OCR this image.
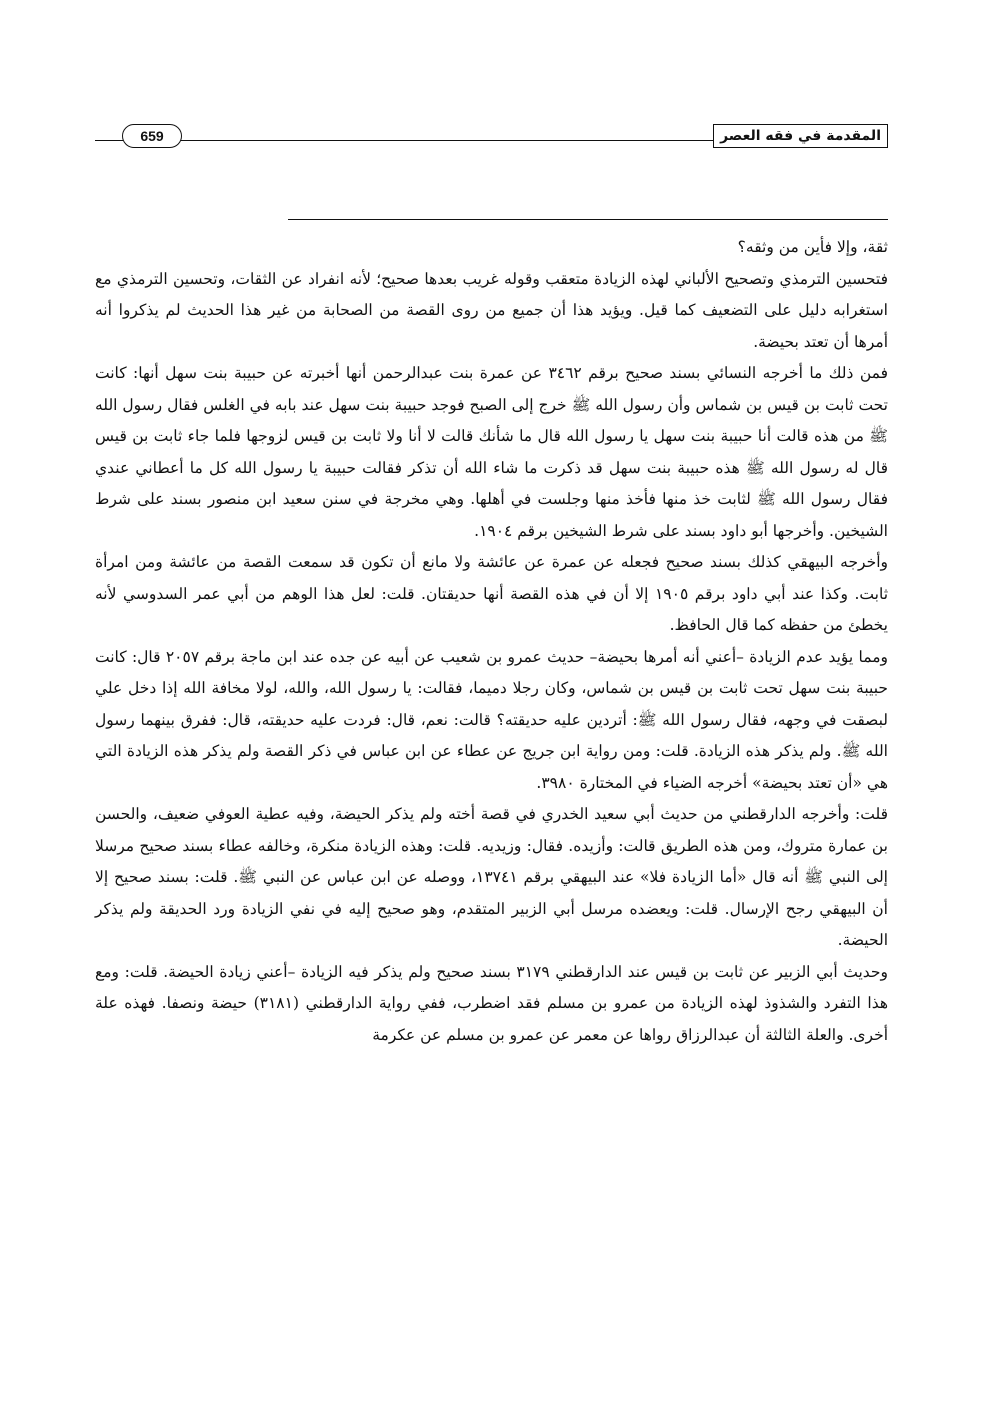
المقدمة في فقه العصر
659

ثقة، وإلا فأين من وثقه؟

فتحسين الترمذي وتصحيح الألباني لهذه الزيادة متعقب وقوله غريب بعدها صحيح؛ لأنه انفراد عن الثقات، وتحسين الترمذي مع استغرابه دليل على التضعيف كما قيل. ويؤيد هذا أن جميع من روى القصة من الصحابة من غير هذا الحديث لم يذكروا أنه أمرها أن تعتد بحيضة.

فمن ذلك ما أخرجه النسائي بسند صحيح برقم ٣٤٦٢ عن عمرة بنت عبدالرحمن أنها أخبرته عن حبيبة بنت سهل أنها: كانت تحت ثابت بن قيس بن شماس وأن رسول الله ﷺ خرج إلى الصبح فوجد حبيبة بنت سهل عند بابه في الغلس فقال رسول الله ﷺ من هذه قالت أنا حبيبة بنت سهل يا رسول الله قال ما شأنك قالت لا أنا ولا ثابت بن قيس لزوجها فلما جاء ثابت بن قيس قال له رسول الله ﷺ هذه حبيبة بنت سهل قد ذكرت ما شاء الله أن تذكر فقالت حبيبة يا رسول الله كل ما أعطاني عندي فقال رسول الله ﷺ لثابت خذ منها فأخذ منها وجلست في أهلها. وهي مخرجة في سنن سعيد ابن منصور بسند على شرط الشيخين. وأخرجها أبو داود بسند على شرط الشيخين برقم ١٩٠٤.

وأخرجه البيهقي كذلك بسند صحيح فجعله عن عمرة عن عائشة ولا مانع أن تكون قد سمعت القصة من عائشة ومن امرأة ثابت. وكذا عند أبي داود برقم ١٩٠٥ إلا أن في هذه القصة أنها حديقتان. قلت: لعل هذا الوهم من أبي عمر السدوسي لأنه يخطئ من حفظه كما قال الحافظ.

ومما يؤيد عدم الزيادة –أعني أنه أمرها بحيضة– حديث عمرو بن شعيب عن أبيه عن جده عند ابن ماجة برقم ٢٠٥٧ قال: كانت حبيبة بنت سهل تحت ثابت بن قيس بن شماس، وكان رجلا دميما، فقالت: يا رسول الله، والله، لولا مخافة الله إذا دخل علي لبصقت في وجهه، فقال رسول الله ﷺ: أتردين عليه حديقته؟ قالت: نعم، قال: فردت عليه حديقته، قال: ففرق بينهما رسول الله ﷺ. ولم يذكر هذه الزيادة. قلت: ومن رواية ابن جريج عن عطاء عن ابن عباس في ذكر القصة ولم يذكر هذه الزيادة التي هي «أن تعتد بحيضة» أخرجه الضياء في المختارة ٣٩٨٠.

قلت: وأخرجه الدارقطني من حديث أبي سعيد الخدري في قصة أخته ولم يذكر الحيضة، وفيه عطية العوفي ضعيف، والحسن بن عمارة متروك، ومن هذه الطريق قالت: وأزيده. فقال: وزيديه. قلت: وهذه الزيادة منكرة، وخالفه عطاء بسند صحيح مرسلا إلى النبي ﷺ أنه قال «أما الزيادة فلا» عند البيهقي برقم ١٣٧٤١، ووصله عن ابن عباس عن النبي ﷺ. قلت: بسند صحيح إلا أن البيهقي رجح الإرسال. قلت: ويعضده مرسل أبي الزبير المتقدم، وهو صحيح إليه في نفي الزيادة ورد الحديقة ولم يذكر الحيضة.

وحديث أبي الزبير عن ثابت بن قيس عند الدارقطني ٣١٧٩ بسند صحيح ولم يذكر فيه الزيادة –أعني زيادة الحيضة. قلت: ومع هذا التفرد والشذوذ لهذه الزيادة من عمرو بن مسلم فقد اضطرب، ففي رواية الدارقطني (٣١٨١) حيضة ونصفا. فهذه علة أخرى. والعلة الثالثة أن عبدالرزاق رواها عن معمر عن عمرو بن مسلم عن عكرمة
